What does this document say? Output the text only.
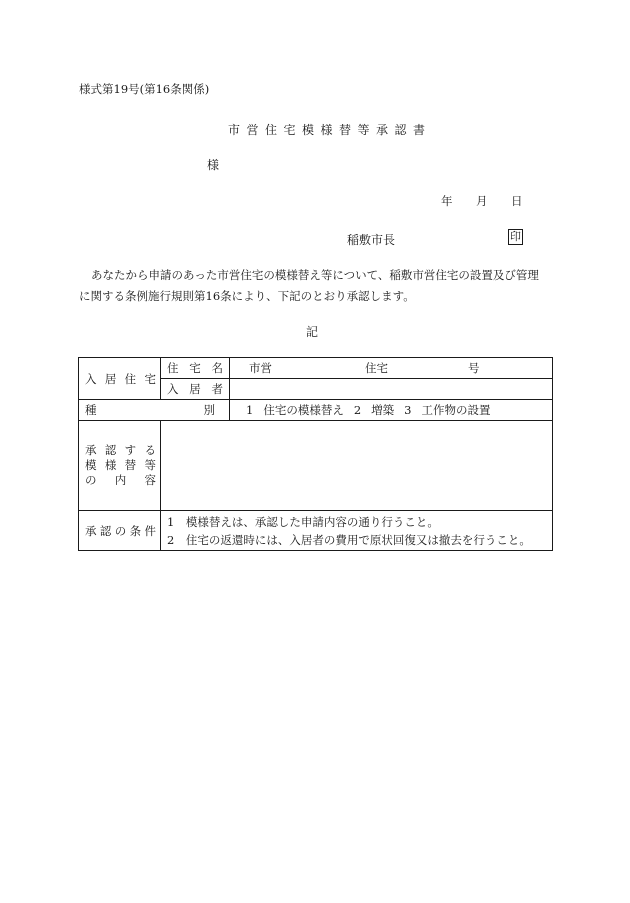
様式第19号(第16条関係)
市営住宅模様替等承認書
様
年 月 日
稲敷市長	印
あなたから申請のあった市営住宅の模様替え等について、稲敷市営住宅の設置及び管理
に関する条例施行規則第16条により、下記のとおり承認します。
記
入居住宅	住宅名	市営 住宅 号
	入居者	
種別		1 住宅の模様替え 2 増築 3 工作物の設置

承認する
模様替等
の内容		

承認の条件	1　模様替えは、承認した申請内容の通り行うこと。
2　住宅の返還時には、入居者の費用で原状回復又は撤去を行うこと。	
